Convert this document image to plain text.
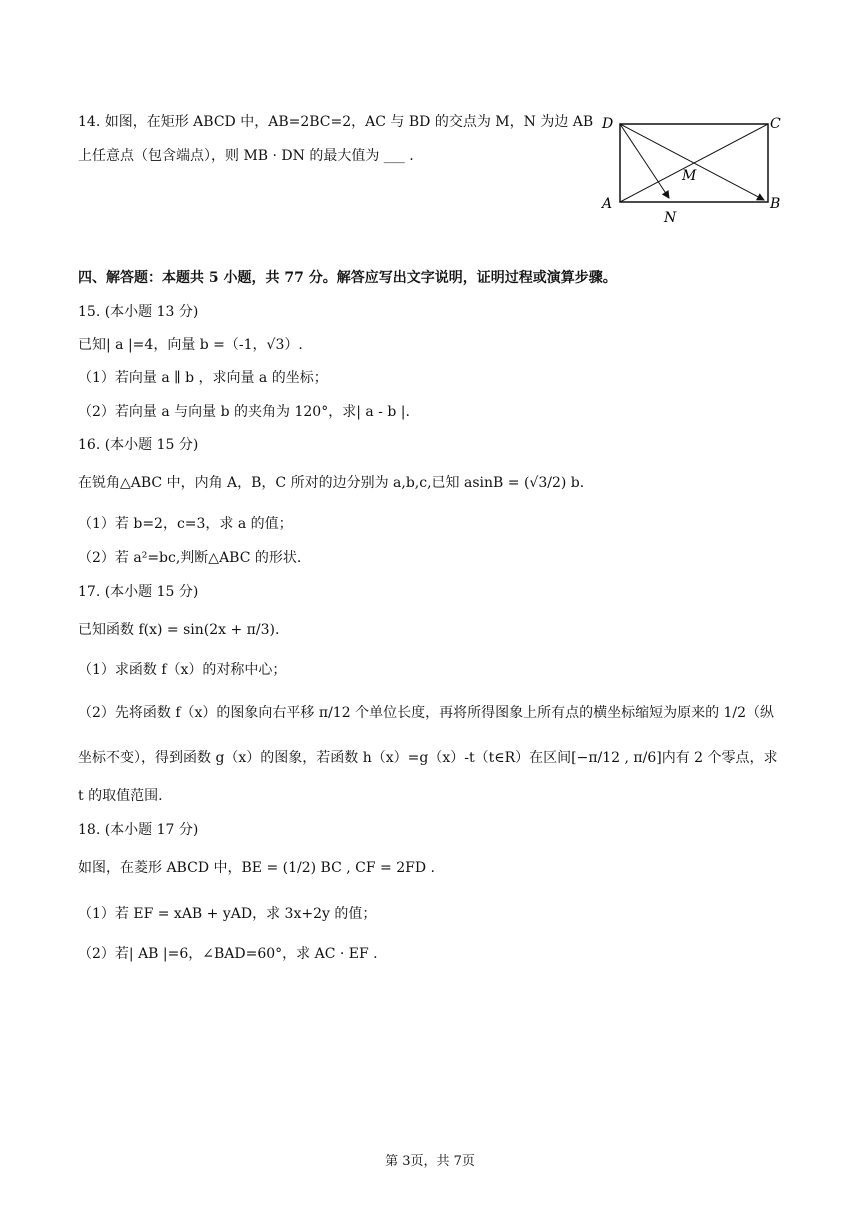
14. 如图，在矩形 ABCD 中，AB=2BC=2，AC 与 BD 的交点为 M，N 为边 AB
上任意点（包含端点），则 MB · DN 的最大值为 ___ .
D	C
M
A
N
B
四、解答题：本题共 5 小题，共 77 分。解答应写出文字说明，证明过程或演算步骤。
15. (本小题 13 分)
已知| a |=4，向量 b =（-1，√3）.
（1）若向量 a ∥ b ，求向量 a 的坐标；
（2）若向量 a 与向量 b 的夹角为 120°，求| a - b |.
16. (本小题 15 分)
在锐角△ABC 中，内角 A，B，C 所对的边分别为 a,b,c,已知 asinB = (√3/2) b.
（1）若 b=2，c=3，求 a 的值；
（2）若 a²=bc,判断△ABC 的形状.
17. (本小题 15 分)
已知函数 f(x) = sin(2x + π/3).
（1）求函数 f（x）的对称中心；
（2）先将函数 f（x）的图象向右平移 π/12 个单位长度，再将所得图象上所有点的横坐标缩短为原来的 1/2（纵
坐标不变），得到函数 g（x）的图象，若函数 h（x）=g（x）-t（t∈R）在区间[−π/12 , π/6]内有 2 个零点，求
t 的取值范围.
18. (本小题 17 分)
如图，在菱形 ABCD 中，BE = (1/2) BC , CF = 2FD .
（1）若 EF = xAB + yAD，求 3x+2y 的值；
（2）若| AB |=6，∠BAD=60°，求 AC · EF .
第 3页，共 7页
